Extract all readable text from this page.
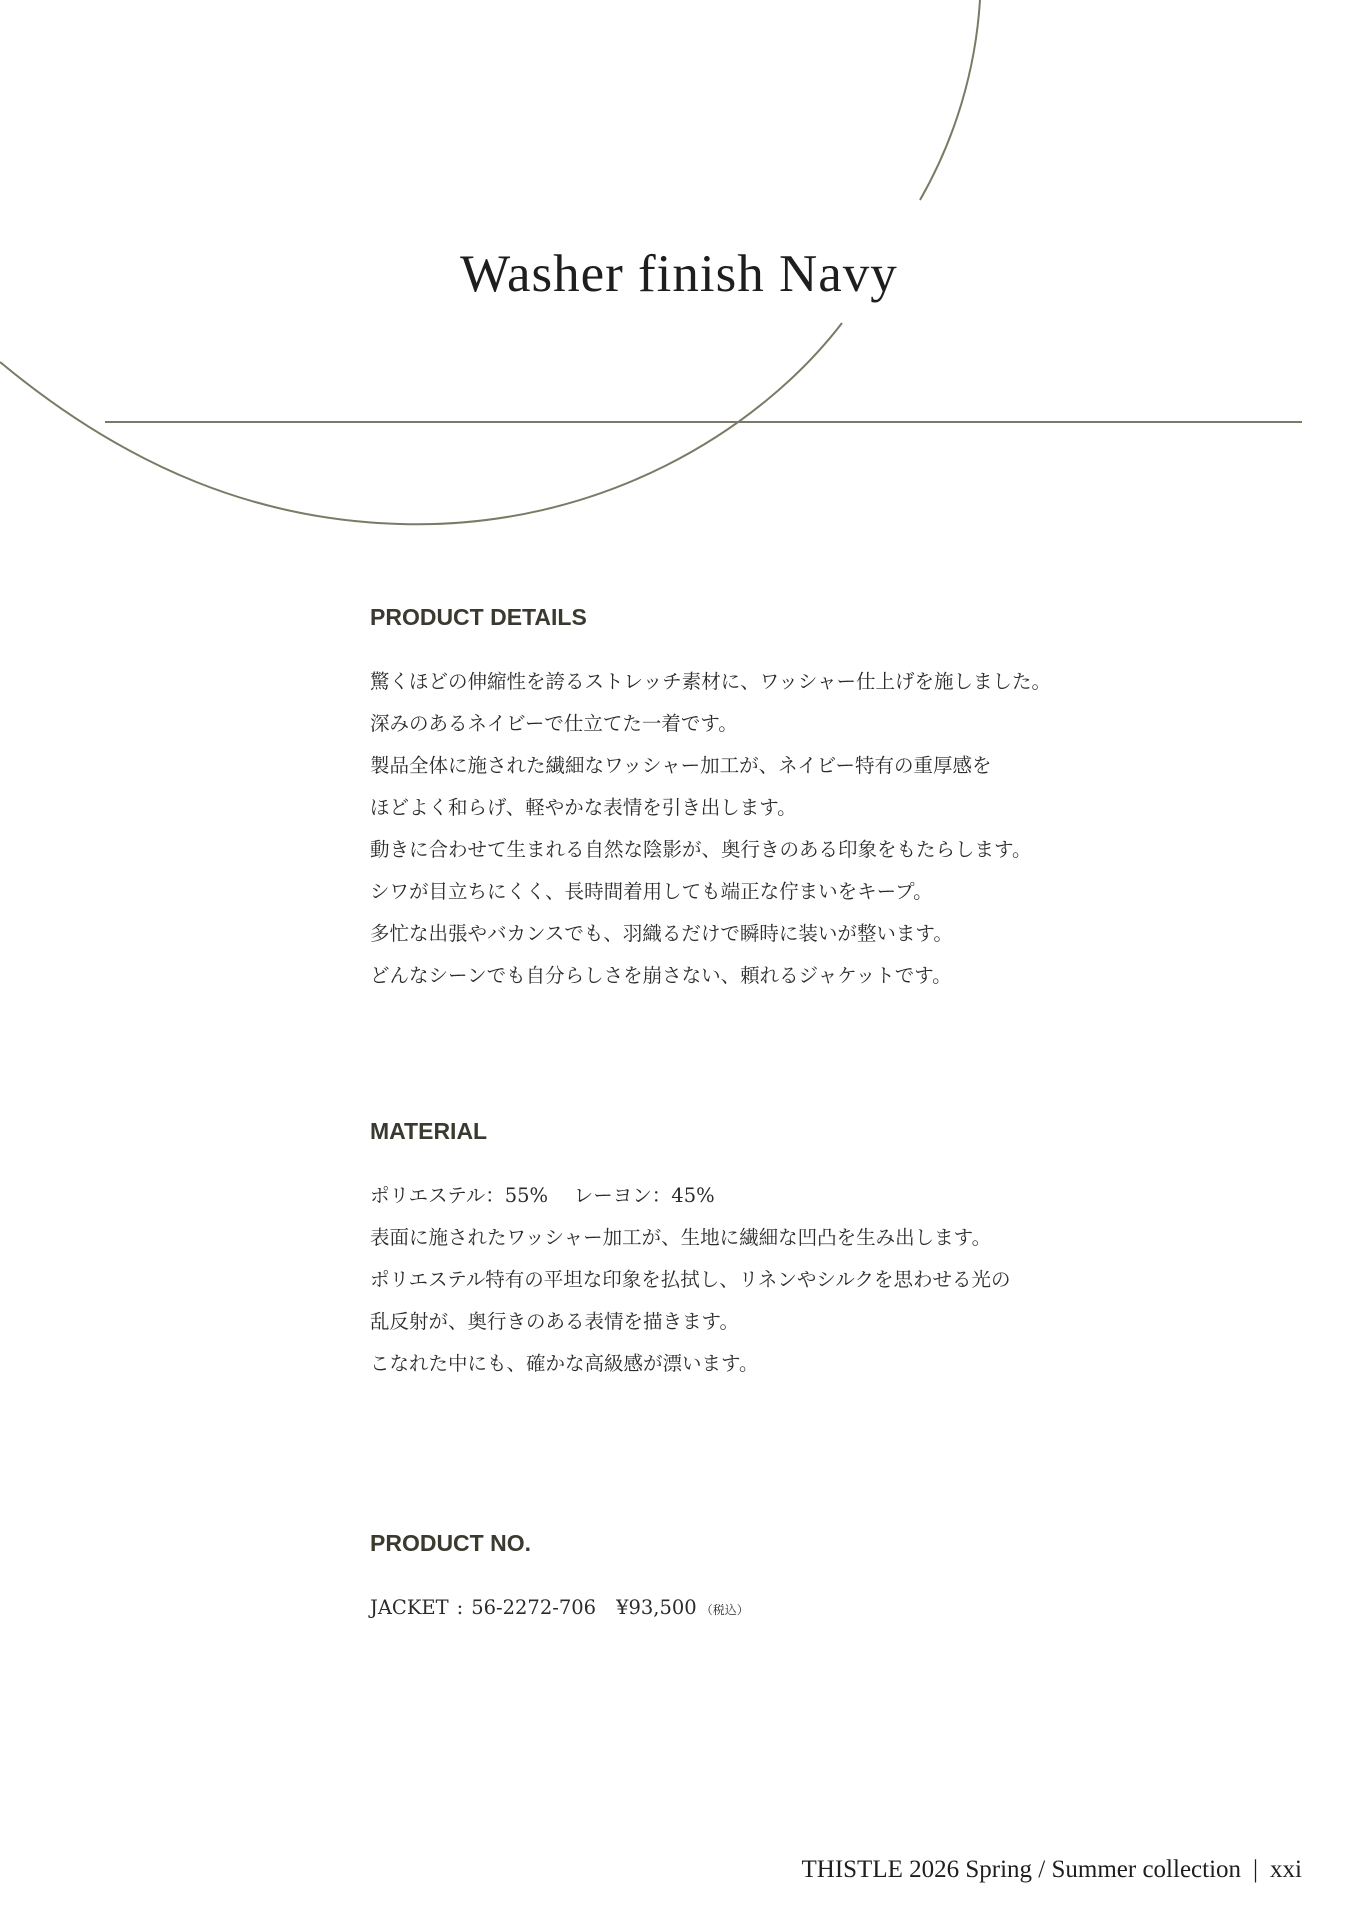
Washer finish Navy
PRODUCT DETAILS
驚くほどの伸縮性を誇るストレッチ素材に、ワッシャー仕上げを施しました。
深みのあるネイビーで仕立てた一着です。
製品全体に施された繊細なワッシャー加工が、ネイビー特有の重厚感を
ほどよく和らげ、軽やかな表情を引き出します。
動きに合わせて生まれる自然な陰影が、奥行きのある印象をもたらします。
シワが目立ちにくく、長時間着用しても端正な佇まいをキープ。
多忙な出張やバカンスでも、羽織るだけで瞬時に装いが整います。
どんなシーンでも自分らしさを崩さない、頼れるジャケットです。
MATERIAL
ポリエステル：55%　 レーヨン：45%
表面に施されたワッシャー加工が、生地に繊細な凹凸を生み出します。
ポリエステル特有の平坦な印象を払拭し、リネンやシルクを思わせる光の
乱反射が、奥行きのある表情を描きます。
こなれた中にも、確かな高級感が漂います。
PRODUCT NO.

JACKET : 56-2272-706 ¥93,500 （税込）

THISTLE 2026 Spring / Summer collection | xxi
